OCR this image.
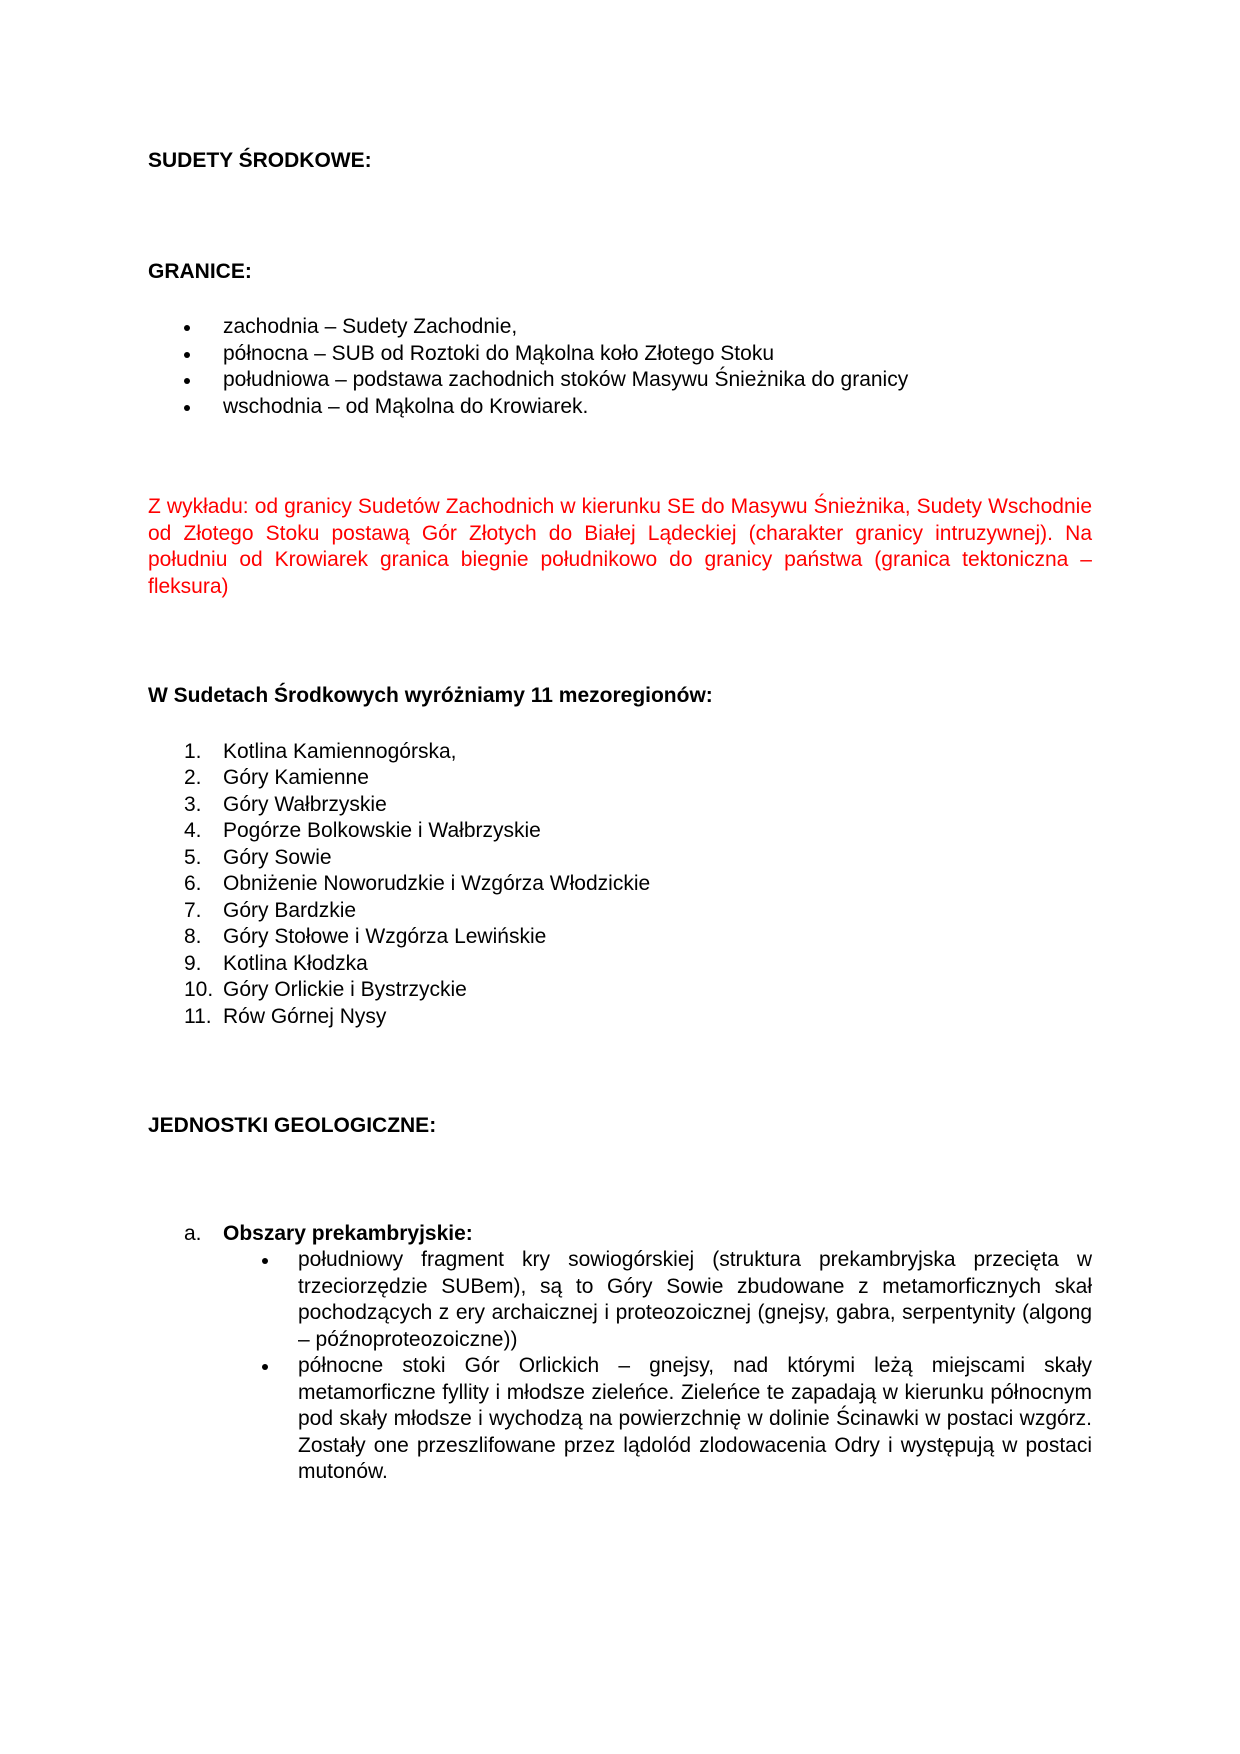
SUDETY ŚRODKOWE:

GRANICE:

zachodnia – Sudety Zachodnie,
północna – SUB od Roztoki do Mąkolna koło Złotego Stoku
południowa – podstawa zachodnich stoków Masywu Śnieżnika do granicy
wschodnia – od Mąkolna do Krowiarek.

Z wykładu: od granicy Sudetów Zachodnich w kierunku SE do Masywu Śnieżnika, Sudety Wschodnie od Złotego Stoku postawą Gór Złotych do Białej Lądeckiej (charakter granicy intruzywnej). Na południu od Krowiarek granica biegnie południkowo do granicy państwa (granica tektoniczna – fleksura)

W Sudetach Środkowych wyróżniamy 11 mezoregionów:

1. Kotlina Kamiennogórska,
2. Góry Kamienne
3. Góry Wałbrzyskie
4. Pogórze Bolkowskie i Wałbrzyskie
5. Góry Sowie
6. Obniżenie Noworudzkie i Wzgórza Włodzickie
7. Góry Bardzkie
8. Góry Stołowe i Wzgórza Lewińskie
9. Kotlina Kłodzka
10. Góry Orlickie i Bystrzyckie
11. Rów Górnej Nysy

JEDNOSTKI GEOLOGICZNE:

a. Obszary prekambryjskie:
południowy fragment kry sowiogórskiej (struktura prekambryjska przecięta w trzeciorzędzie SUBem), są to Góry Sowie zbudowane z metamorficznych skał pochodzących z ery archaicznej i proteozoicznej (gnejsy, gabra, serpentynity (algong – późnoproteozoiczne))
północne stoki Gór Orlickich – gnejsy, nad którymi leżą miejscami skały metamorficzne fyllity i młodsze zieleńce. Zieleńce te zapadają w kierunku północnym pod skały młodsze i wychodzą na powierzchnię w dolinie Ścinawki w postaci wzgórz. Zostały one przeszlifowane przez lądolód zlodowacenia Odry i występują w postaci mutonów.
